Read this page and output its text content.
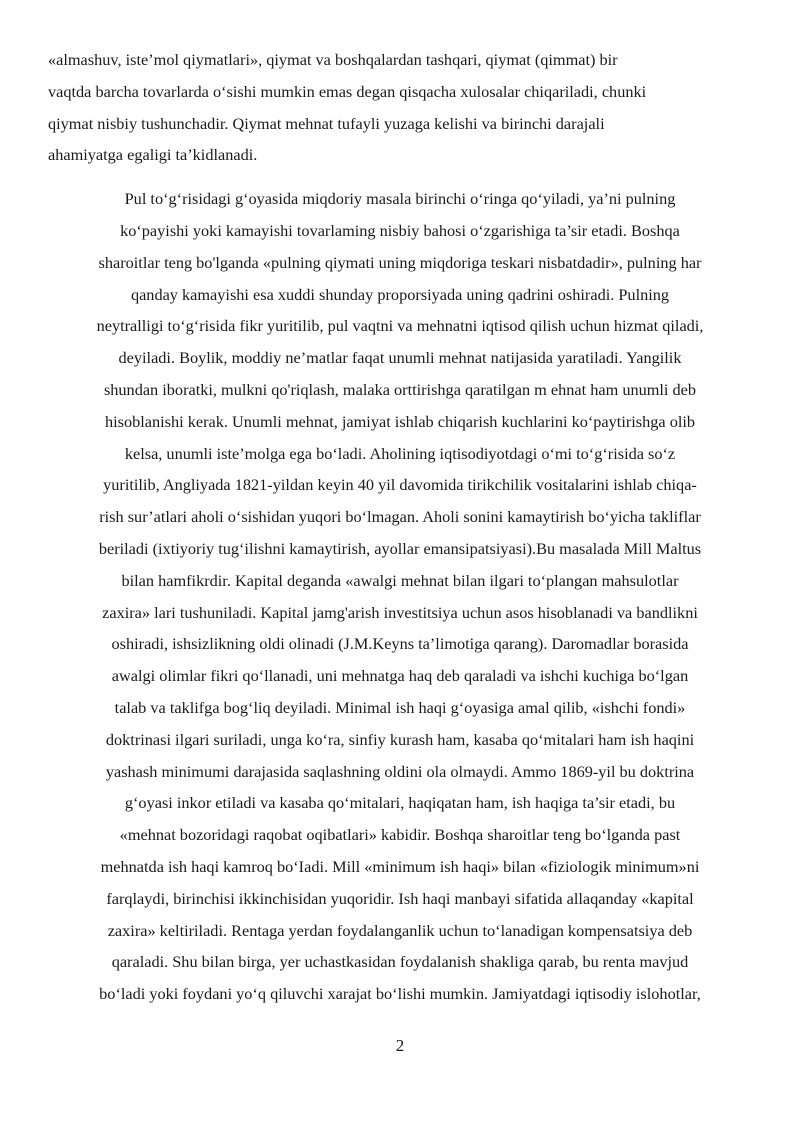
«almashuv, iste’mol qiymatlari», qiymat va boshqalardan tashqari, qiymat (qimmat) bir
vaqtda barcha tovarlarda o‘sishi mumkin emas degan qisqacha xulosalar chiqariladi, chunki
qiymat nisbiy tushunchadir. Qiymat mehnat tufayli yuzaga kelishi va birinchi darajali
ahamiyatga egaligi ta’kidlanadi.

Pul to‘g‘risidagi g‘oyasida miqdoriy masala birinchi o‘ringa qo‘yiladi, ya’ni pulning
ko‘payishi yoki kamayishi tovarlaming nisbiy bahosi o‘zgarishiga ta’sir etadi. Boshqa
sharoitlar teng bo'lganda «pulning qiymati uning miqdoriga teskari nisbatdadir», pulning har
qanday kamayishi esa xuddi shunday proporsiyada uning qadrini oshiradi. Pulning
neytralligi to‘g‘risida fikr yuritilib, pul vaqtni va mehnatni iqtisod qilish uchun hizmat qiladi,
deyiladi. Boylik, moddiy ne’matlar faqat unumli mehnat natijasida yaratiladi. Yangilik
shundan iboratki, mulkni qo'riqlash, malaka orttirishga qaratilgan m ehnat ham unumli deb
hisoblanishi kerak. Unumli mehnat, jamiyat ishlab chiqarish kuchlarini ko‘paytirishga olib
kelsa, unumli iste’molga ega bo‘ladi. Aholining iqtisodiyotdagi o‘mi to‘g‘risida so‘z
yuritilib, Angliyada 1821-yildan keyin 40 yil davomida tirikchilik vositalarini ishlab chiqa-
rish sur’atlari aholi o‘sishidan yuqori bo‘lmagan. Aholi sonini kamaytirish bo‘yicha takliflar
beriladi (ixtiyoriy tug‘ilishni kamaytirish, ayollar emansipatsiyasi).Bu masalada Mill Maltus
bilan hamfikrdir. Kapital deganda «awalgi mehnat bilan ilgari to‘plangan mahsulotlar
zaxira» lari tushuniladi. Kapital jamg'arish investitsiya uchun asos hisoblanadi va bandlikni
oshiradi, ishsizlikning oldi olinadi (J.M.Keyns ta’limotiga qarang). Daromadlar borasida
awalgi olimlar fikri qo‘llanadi, uni mehnatga haq deb qaraladi va ishchi kuchiga bo‘lgan
talab va taklifga bog‘liq deyiladi. Minimal ish haqi g‘oyasiga amal qilib, «ishchi fondi»
doktrinasi ilgari suriladi, unga ko‘ra, sinfiy kurash ham, kasaba qo‘mitalari ham ish haqini
yashash minimumi darajasida saqlashning oldini ola olmaydi. Ammo 1869-yil bu doktrina
g‘oyasi inkor etiladi va kasaba qo‘mitalari, haqiqatan ham, ish haqiga ta’sir etadi, bu
«mehnat bozoridagi raqobat oqibatlari» kabidir. Boshqa sharoitlar teng bo‘lganda past
mehnatda ish haqi kamroq bo‘Iadi. Mill «minimum ish haqi» bilan «fiziologik minimum»ni
farqlaydi, birinchisi ikkinchisidan yuqoridir. Ish haqi manbayi sifatida allaqanday «kapital
zaxira» keltiriladi. Rentaga yerdan foydalanganlik uchun to‘lanadigan kompensatsiya deb
qaraladi. Shu bilan birga, yer uchastkasidan foydalanish shakliga qarab, bu renta mavjud
bo‘ladi yoki foydani yo‘q qiluvchi xarajat bo‘lishi mumkin. Jamiyatdagi iqtisodiy islohotlar,

2
